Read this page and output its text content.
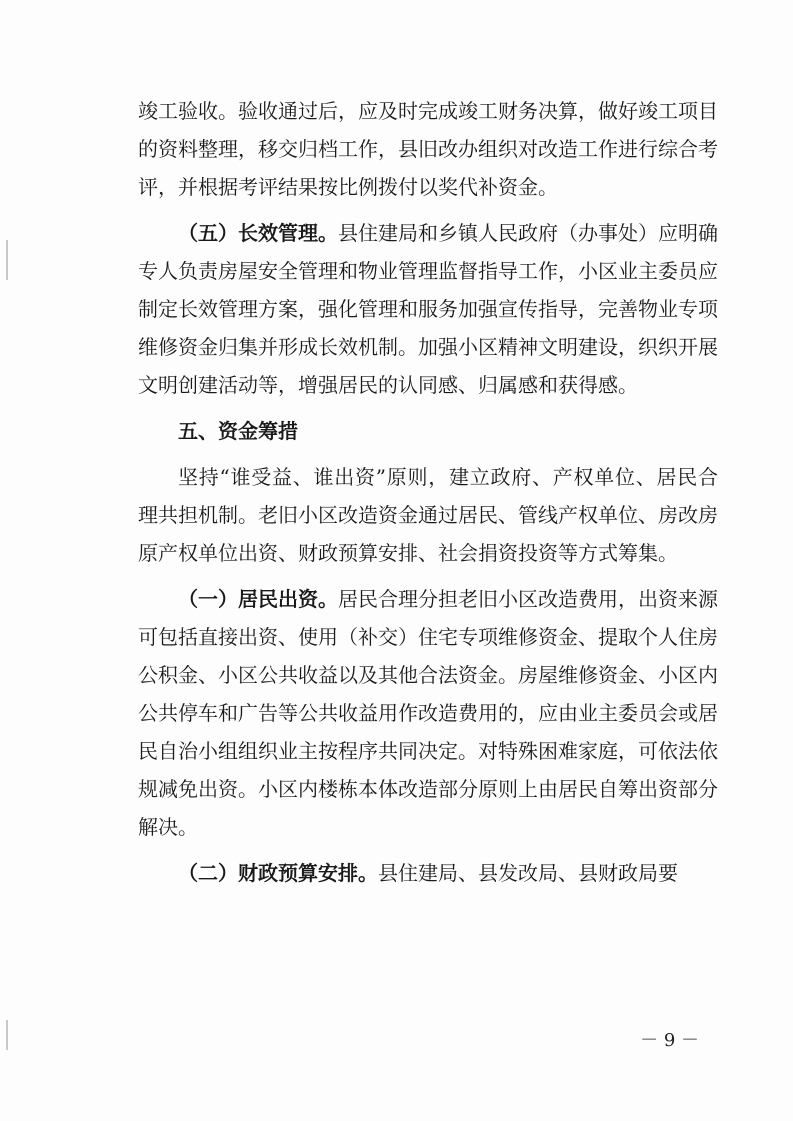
竣工验收。验收通过后，应及时完成竣工财务决算，做好竣工项目的资料整理，移交归档工作，县旧改办组织对改造工作进行综合考评，并根据考评结果按比例拨付以奖代补资金。

（五）长效管理。县住建局和乡镇人民政府（办事处）应明确专人负责房屋安全管理和物业管理监督指导工作，小区业主委员应制定长效管理方案，强化管理和服务加强宣传指导，完善物业专项维修资金归集并形成长效机制。加强小区精神文明建设，织织开展文明创建活动等，增强居民的认同感、归属感和获得感。

五、资金筹措

坚持“谁受益、谁出资”原则，建立政府、产权单位、居民合理共担机制。老旧小区改造资金通过居民、管线产权单位、房改房原产权单位出资、财政预算安排、社会捐资投资等方式筹集。

（一）居民出资。居民合理分担老旧小区改造费用，出资来源可包括直接出资、使用（补交）住宅专项维修资金、提取个人住房公积金、小区公共收益以及其他合法资金。房屋维修资金、小区内公共停车和广告等公共收益用作改造费用的，应由业主委员会或居民自治小组组织业主按程序共同决定。对特殊困难家庭，可依法依规减免出资。小区内楼栋本体改造部分原则上由居民自筹出资部分解决。

（二）财政预算安排。县住建局、县发改局、县财政局要

－ 9 －
